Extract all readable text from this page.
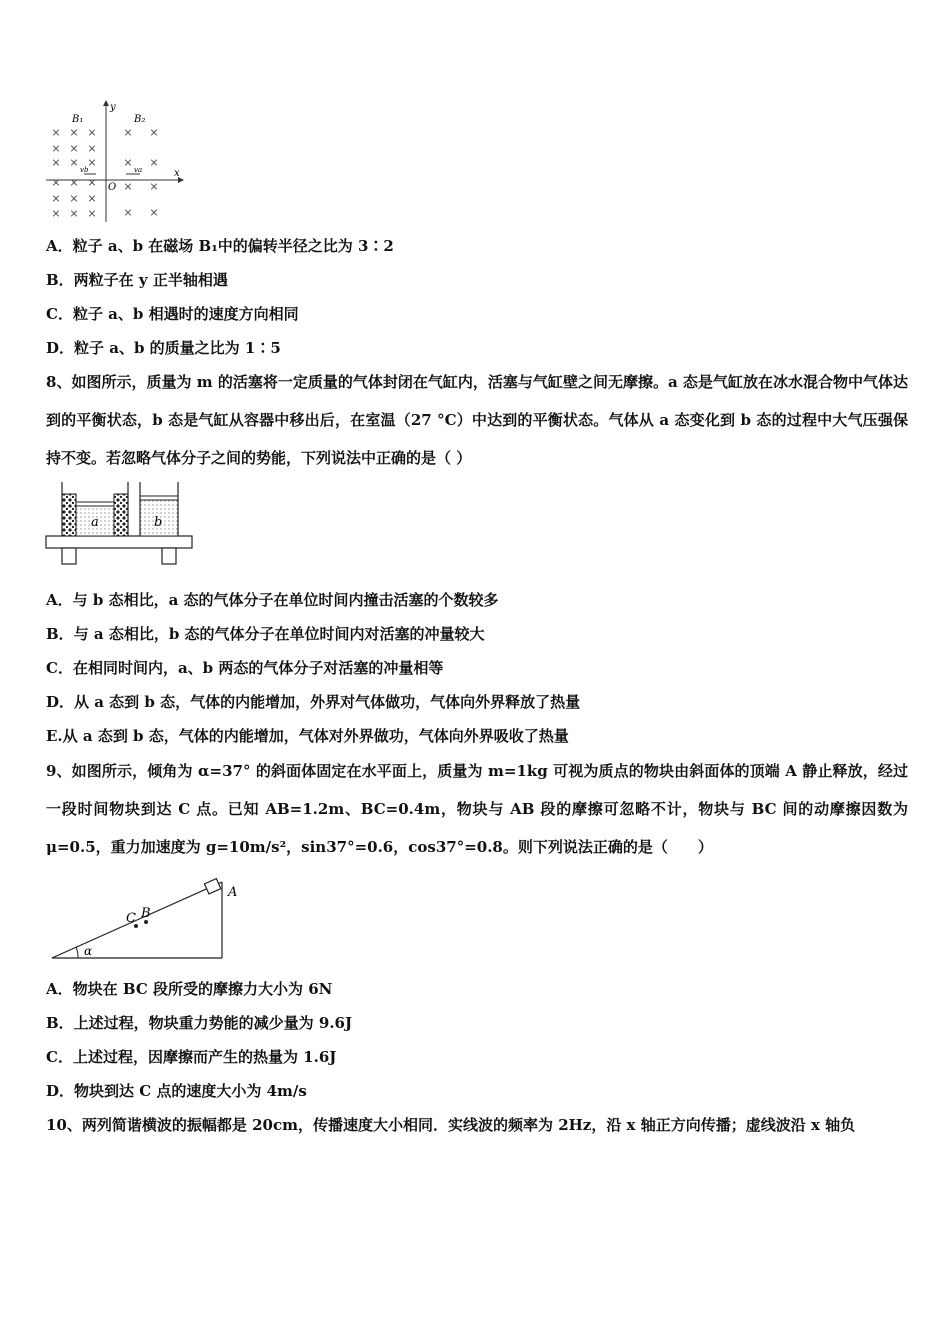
× × ×
× × ×
× × ×
× × ×
× × ×
× × ×
× ×
× ×
× ×
× ×
y
x
O
B₁	B₂
vb	va
A．粒子 a、b 在磁场 B₁中的偏转半径之比为 3∶2
B．两粒子在 y 正半轴相遇
C．粒子 a、b 相遇时的速度方向相同
D．粒子 a、b 的质量之比为 1∶5
8、如图所示，质量为 m 的活塞将一定质量的气体封闭在气缸内，活塞与气缸壁之间无摩擦。a 态是气缸放在冰水混合物中气体达到的平衡状态，b 态是气缸从容器中移出后，在室温（27 °C）中达到的平衡状态。气体从 a 态变化到 b 态的过程中大气压强保持不变。若忽略气体分子之间的势能，下列说法中正确的是（ ）
a	b
A．与 b 态相比，a 态的气体分子在单位时间内撞击活塞的个数较多
B．与 a 态相比，b 态的气体分子在单位时间内对活塞的冲量较大
C．在相同时间内，a、b 两态的气体分子对活塞的冲量相等
D．从 a 态到 b 态，气体的内能增加，外界对气体做功，气体向外界释放了热量
E.从 a 态到 b 态，气体的内能增加，气体对外界做功，气体向外界吸收了热量
9、如图所示，倾角为 α=37° 的斜面体固定在水平面上，质量为 m=1kg 可视为质点的物块由斜面体的顶端 A 静止释放，经过一段时间物块到达 C 点。已知 AB=1.2m、BC=0.4m，物块与 AB 段的摩擦可忽略不计，物块与 BC 间的动摩擦因数为 μ=0.5，重力加速度为 g=10m/s²，sin37°=0.6，cos37°=0.8。则下列说法正确的是（　　）
α
A
B
C
A．物块在 BC 段所受的摩擦力大小为 6N
B．上述过程，物块重力势能的减少量为 9.6J
C．上述过程，因摩擦而产生的热量为 1.6J
D．物块到达 C 点的速度大小为 4m/s
10、两列简谐横波的振幅都是 20cm，传播速度大小相同．实线波的频率为 2Hz，沿 x 轴正方向传播；虚线波沿 x 轴负
